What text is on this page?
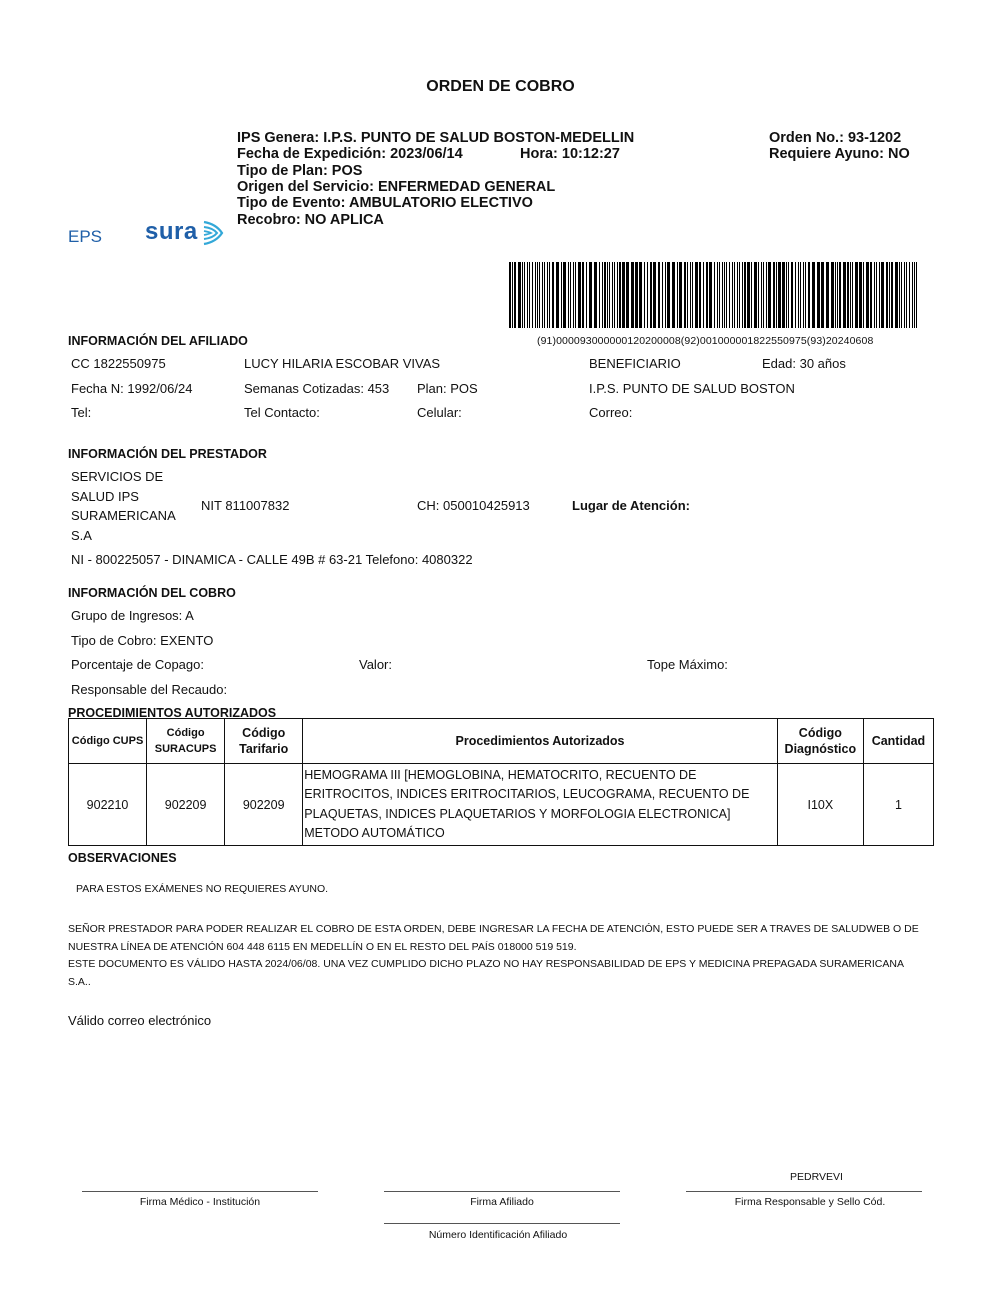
ORDEN DE COBRO
IPS Genera: I.P.S. PUNTO DE SALUD BOSTON-MEDELLIN
Fecha de Expedición: 2023/06/14	Hora: 10:12:27
Tipo de Plan: POS
Origen del Servicio: ENFERMEDAD GENERAL
Tipo de Evento: AMBULATORIO ELECTIVO
Recobro: NO APLICA
Orden No.: 93-1202
Requiere Ayuno: NO
EPS sura
(91)000093000000120200008(92)001000001822550975(93)20240608
INFORMACIÓN DEL AFILIADO
CC 1822550975	LUCY HILARIA ESCOBAR VIVAS	BENEFICIARIO	Edad: 30 años
Fecha N: 1992/06/24	Semanas Cotizadas: 453 Plan: POS	I.P.S. PUNTO DE SALUD BOSTON
Tel:	Tel Contacto:	Celular:	Correo:
INFORMACIÓN DEL PRESTADOR
SERVICIOS DE
SALUD IPS
SURAMERICANA
S.A
NIT 811007832	CH: 050010425913	Lugar de Atención:
NI - 800225057 - DINAMICA - CALLE 49B # 63-21 Telefono: 4080322
INFORMACIÓN DEL COBRO
Grupo de Ingresos: A
Tipo de Cobro: EXENTO
Porcentaje de Copago:	Valor:	Tope Máximo:
Responsable del Recaudo:
PROCEDIMIENTOS AUTORIZADOS
Código CUPS	Código SURACUPS	Código Tarifario	Procedimientos Autorizados	Código Diagnóstico	Cantidad
902210	902209	902209	HEMOGRAMA III [HEMOGLOBINA, HEMATOCRITO, RECUENTO DE ERITROCITOS, INDICES ERITROCITARIOS, LEUCOGRAMA, RECUENTO DE PLAQUETAS, INDICES PLAQUETARIOS Y MORFOLOGIA ELECTRONICA] METODO AUTOMÁTICO	I10X	1
OBSERVACIONES
PARA ESTOS EXÁMENES NO REQUIERES AYUNO.
SEÑOR PRESTADOR PARA PODER REALIZAR EL COBRO DE ESTA ORDEN, DEBE INGRESAR LA FECHA DE ATENCIÓN, ESTO PUEDE SER A TRAVES DE SALUDWEB O DE NUESTRA LÍNEA DE ATENCIÓN 604 448 6115 EN MEDELLÍN O EN EL RESTO DEL PAÍS 018000 519 519.
ESTE DOCUMENTO ES VÁLIDO HASTA 2024/06/08. UNA VEZ CUMPLIDO DICHO PLAZO NO HAY RESPONSABILIDAD DE EPS Y MEDICINA PREPAGADA SURAMERICANA S.A..
Válido correo electrónico
PEDRVEVI
Firma Médico - Institución	Firma Afiliado	Firma Responsable y Sello Cód.
Número Identificación Afiliado
